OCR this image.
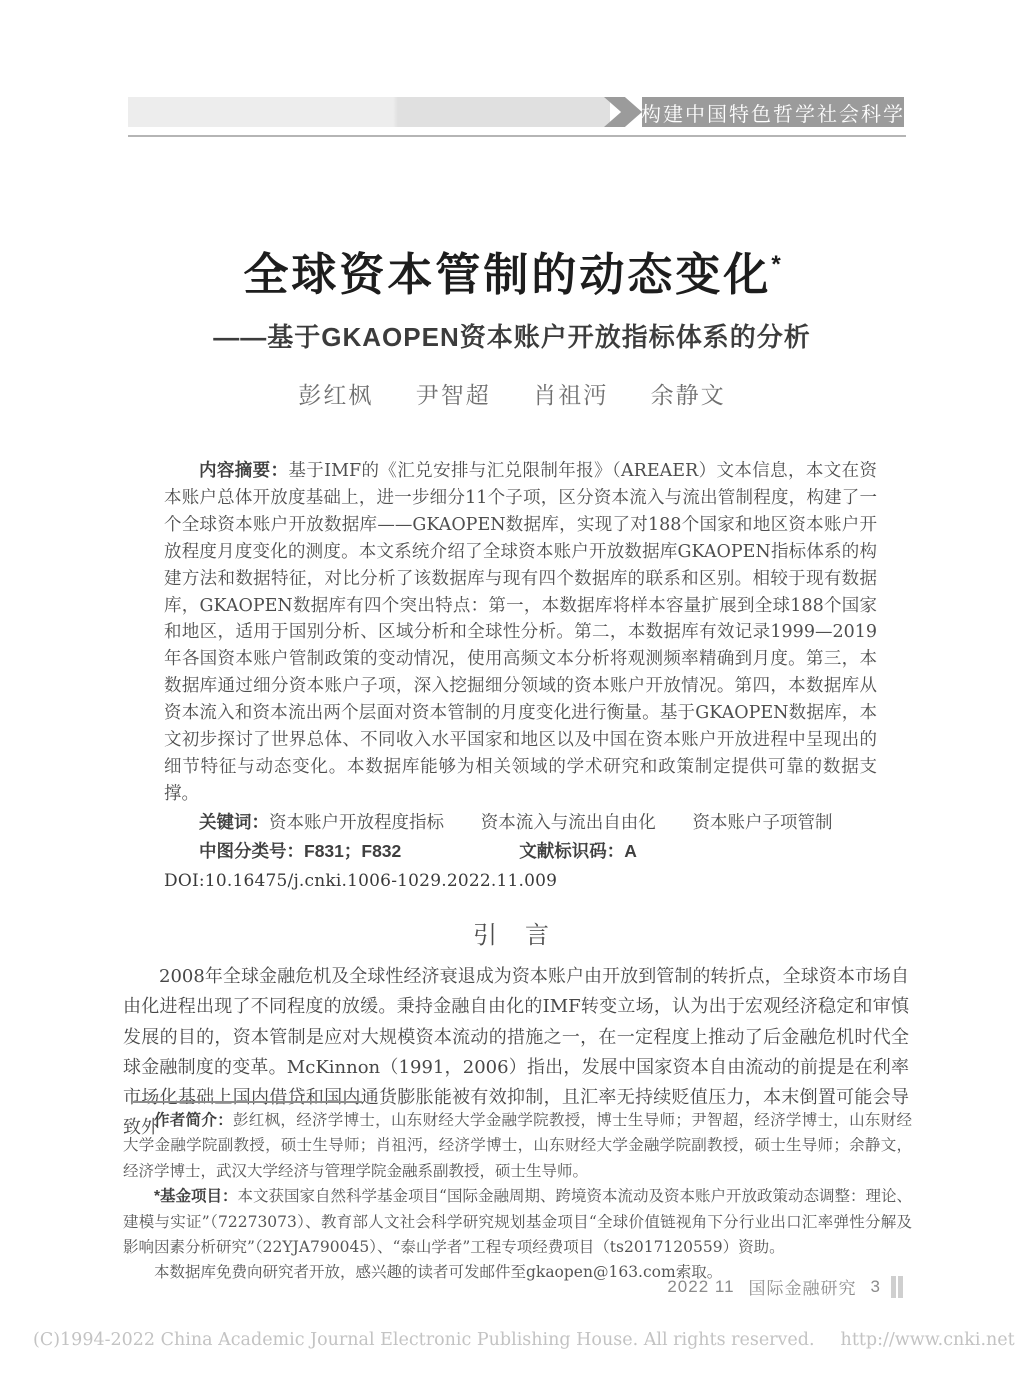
构建中国特色哲学社会科学
全球资本管制的动态变化*
——基于GKAOPEN资本账户开放指标体系的分析
彭红枫 尹智超 肖祖沔 余静文

内容摘要：基于IMF的《汇兑安排与汇兑限制年报》（AREAER）文本信息，本文在资本账户总体开放度基础上，进一步细分11个子项，区分资本流入与流出管制程度，构建了一个全球资本账户开放数据库——GKAOPEN数据库，实现了对188个国家和地区资本账户开放程度月度变化的测度。本文系统介绍了全球资本账户开放数据库GKAOPEN指标体系的构建方法和数据特征，对比分析了该数据库与现有四个数据库的联系和区别。相较于现有数据库，GKAOPEN数据库有四个突出特点：第一，本数据库将样本容量扩展到全球188个国家和地区，适用于国别分析、区域分析和全球性分析。第二，本数据库有效记录1999—2019年各国资本账户管制政策的变动情况，使用高频文本分析将观测频率精确到月度。第三，本数据库通过细分资本账户子项，深入挖掘细分领域的资本账户开放情况。第四，本数据库从资本流入和资本流出两个层面对资本管制的月度变化进行衡量。基于GKAOPEN数据库，本文初步探讨了世界总体、不同收入水平国家和地区以及中国在资本账户开放进程中呈现出的细节特征与动态变化。本数据库能够为相关领域的学术研究和政策制定提供可靠的数据支撑。

关键词：资本账户开放程度指标 资本流入与流出自由化 资本账户子项管制

中图分类号：F831；F832	文献标识码：A

DOI:10.16475/j.cnki.1006-1029.2022.11.009

引　言
2008年全球金融危机及全球性经济衰退成为资本账户由开放到管制的转折点，全球资本市场自由化进程出现了不同程度的放缓。秉持金融自由化的IMF转变立场，认为出于宏观经济稳定和审慎发展的目的，资本管制是应对大规模资本流动的措施之一，在一定程度上推动了后金融危机时代全球金融制度的变革。McKinnon（1991，2006）指出，发展中国家资本自由流动的前提是在利率市场化基础上国内借贷和国内通货膨胀能被有效抑制，且汇率无持续贬值压力，本末倒置可能会导致外

作者简介：彭红枫，经济学博士，山东财经大学金融学院教授，博士生导师；尹智超，经济学博士，山东财经大学金融学院副教授，硕士生导师；肖祖沔，经济学博士，山东财经大学金融学院副教授，硕士生导师；余静文，经济学博士，武汉大学经济与管理学院金融系副教授，硕士生导师。

*基金项目：本文获国家自然科学基金项目“国际金融周期、跨境资本流动及资本账户开放政策动态调整：理论、建模与实证”（72273073）、教育部人文社会科学研究规划基金项目“全球价值链视角下分行业出口汇率弹性分解及影响因素分析研究”（22YJA790045）、“泰山学者”工程专项经费项目（ts2017120559）资助。

本数据库免费向研究者开放，感兴趣的读者可发邮件至gkaopen@163.com索取。

2022 11 国际金融研究 3
(C)1994-2022 China Academic Journal Electronic Publishing House. All rights reserved. http://www.cnki.net
